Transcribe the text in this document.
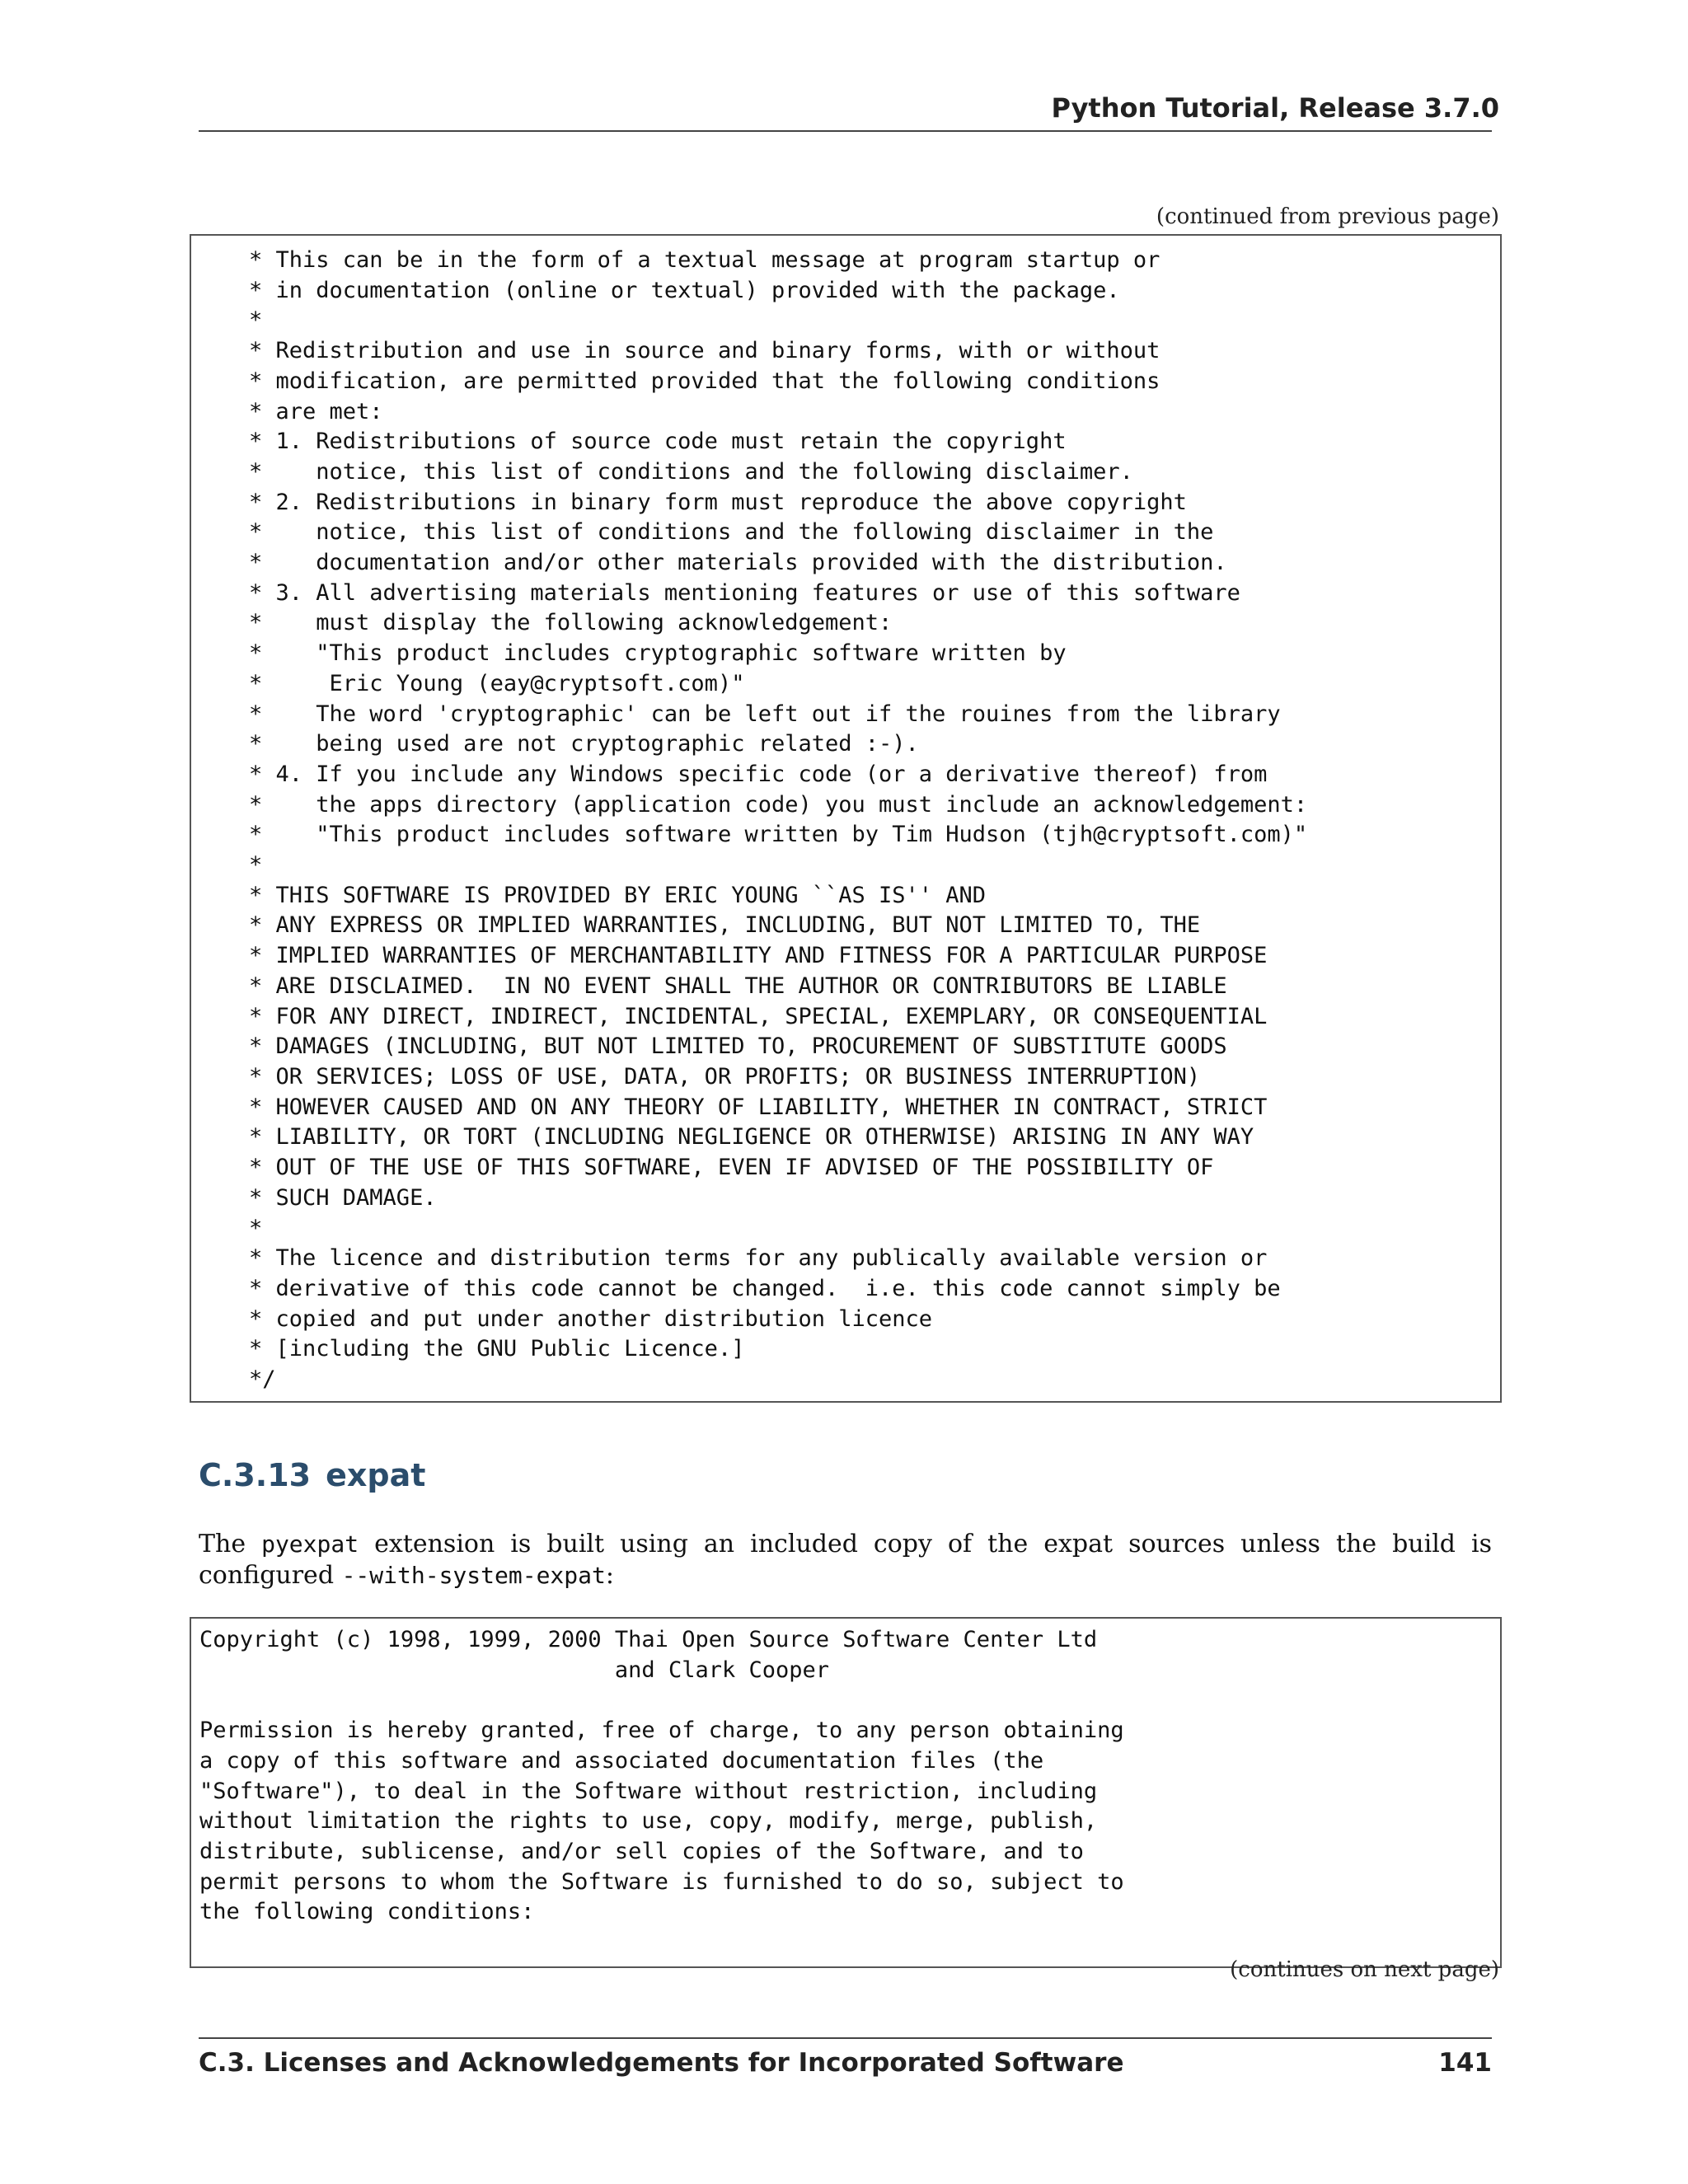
Python Tutorial, Release 3.7.0
(continued from previous page)
* This can be in the form of a textual message at program startup or
* in documentation (online or textual) provided with the package.
*
* Redistribution and use in source and binary forms, with or without
* modification, are permitted provided that the following conditions
* are met:
* 1. Redistributions of source code must retain the copyright
*    notice, this list of conditions and the following disclaimer.
* 2. Redistributions in binary form must reproduce the above copyright
*    notice, this list of conditions and the following disclaimer in the
*    documentation and/or other materials provided with the distribution.
* 3. All advertising materials mentioning features or use of this software
*    must display the following acknowledgement:
*    "This product includes cryptographic software written by
*     Eric Young (eay@cryptsoft.com)"
*    The word 'cryptographic' can be left out if the rouines from the library
*    being used are not cryptographic related :-).
* 4. If you include any Windows specific code (or a derivative thereof) from
*    the apps directory (application code) you must include an acknowledgement:
*    "This product includes software written by Tim Hudson (tjh@cryptsoft.com)"
*
* THIS SOFTWARE IS PROVIDED BY ERIC YOUNG ``AS IS'' AND
* ANY EXPRESS OR IMPLIED WARRANTIES, INCLUDING, BUT NOT LIMITED TO, THE
* IMPLIED WARRANTIES OF MERCHANTABILITY AND FITNESS FOR A PARTICULAR PURPOSE
* ARE DISCLAIMED.  IN NO EVENT SHALL THE AUTHOR OR CONTRIBUTORS BE LIABLE
* FOR ANY DIRECT, INDIRECT, INCIDENTAL, SPECIAL, EXEMPLARY, OR CONSEQUENTIAL
* DAMAGES (INCLUDING, BUT NOT LIMITED TO, PROCUREMENT OF SUBSTITUTE GOODS
* OR SERVICES; LOSS OF USE, DATA, OR PROFITS; OR BUSINESS INTERRUPTION)
* HOWEVER CAUSED AND ON ANY THEORY OF LIABILITY, WHETHER IN CONTRACT, STRICT
* LIABILITY, OR TORT (INCLUDING NEGLIGENCE OR OTHERWISE) ARISING IN ANY WAY
* OUT OF THE USE OF THIS SOFTWARE, EVEN IF ADVISED OF THE POSSIBILITY OF
* SUCH DAMAGE.
*
* The licence and distribution terms for any publically available version or
* derivative of this code cannot be changed.  i.e. this code cannot simply be
* copied and put under another distribution licence
* [including the GNU Public Licence.]
*/
C.3.13 expat
The pyexpat extension is built using an included copy of the expat sources unless the build is configured --with-system-expat:
Copyright (c) 1998, 1999, 2000 Thai Open Source Software Center Ltd
and Clark Cooper

Permission is hereby granted, free of charge, to any person obtaining
a copy of this software and associated documentation files (the
"Software"), to deal in the Software without restriction, including
without limitation the rights to use, copy, modify, merge, publish,
distribute, sublicense, and/or sell copies of the Software, and to
permit persons to whom the Software is furnished to do so, subject to
the following conditions:
(continues on next page)
C.3. Licenses and Acknowledgements for Incorporated Software	141
